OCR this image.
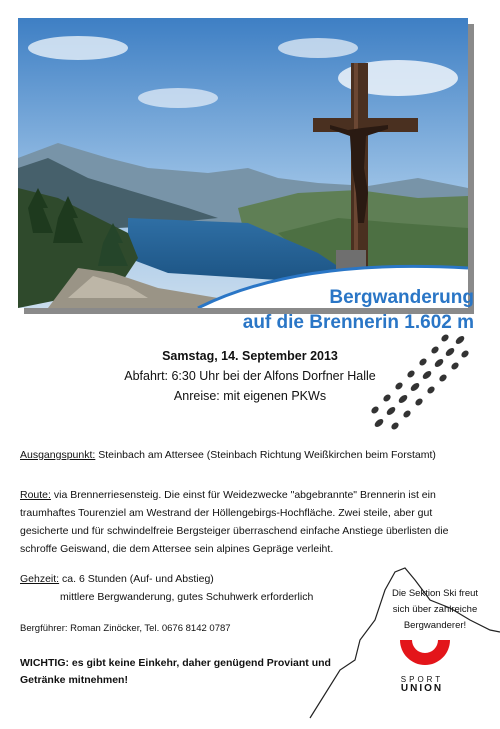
Bergwanderung
auf die Brennerin 1.602 m
Samstag, 14. September 2013
Abfahrt: 6:30 Uhr bei der Alfons Dorfner Halle
Anreise: mit eigenen PKWs
Ausgangspunkt: Steinbach am Attersee (Steinbach Richtung Weißkirchen beim Forstamt)
Route: via Brennerriesensteig. Die einst für Weidezwecke "abgebrannte" Brennerin ist ein traumhaftes Tourenziel am Westrand der Höllengebirgs-Hochfläche. Zwei steile, aber gut gesicherte und für schwindelfreie Bergsteiger überraschend einfache Anstiege überlisten die schroffe Geiswand, die dem Attersee sein alpines Gepräge verleiht.
Gehzeit: ca. 6 Stunden (Auf- und Abstieg)
mittlere Bergwanderung, gutes Schuhwerk erforderlich
Bergführer: Roman Zinöcker, Tel. 0676 8142 0787
WICHTIG: es gibt keine Einkehr, daher genügend Proviant und Getränke mitnehmen!
Die Sektion Ski freut sich über zahlreiche Bergwanderer!
SPORT
UNION
